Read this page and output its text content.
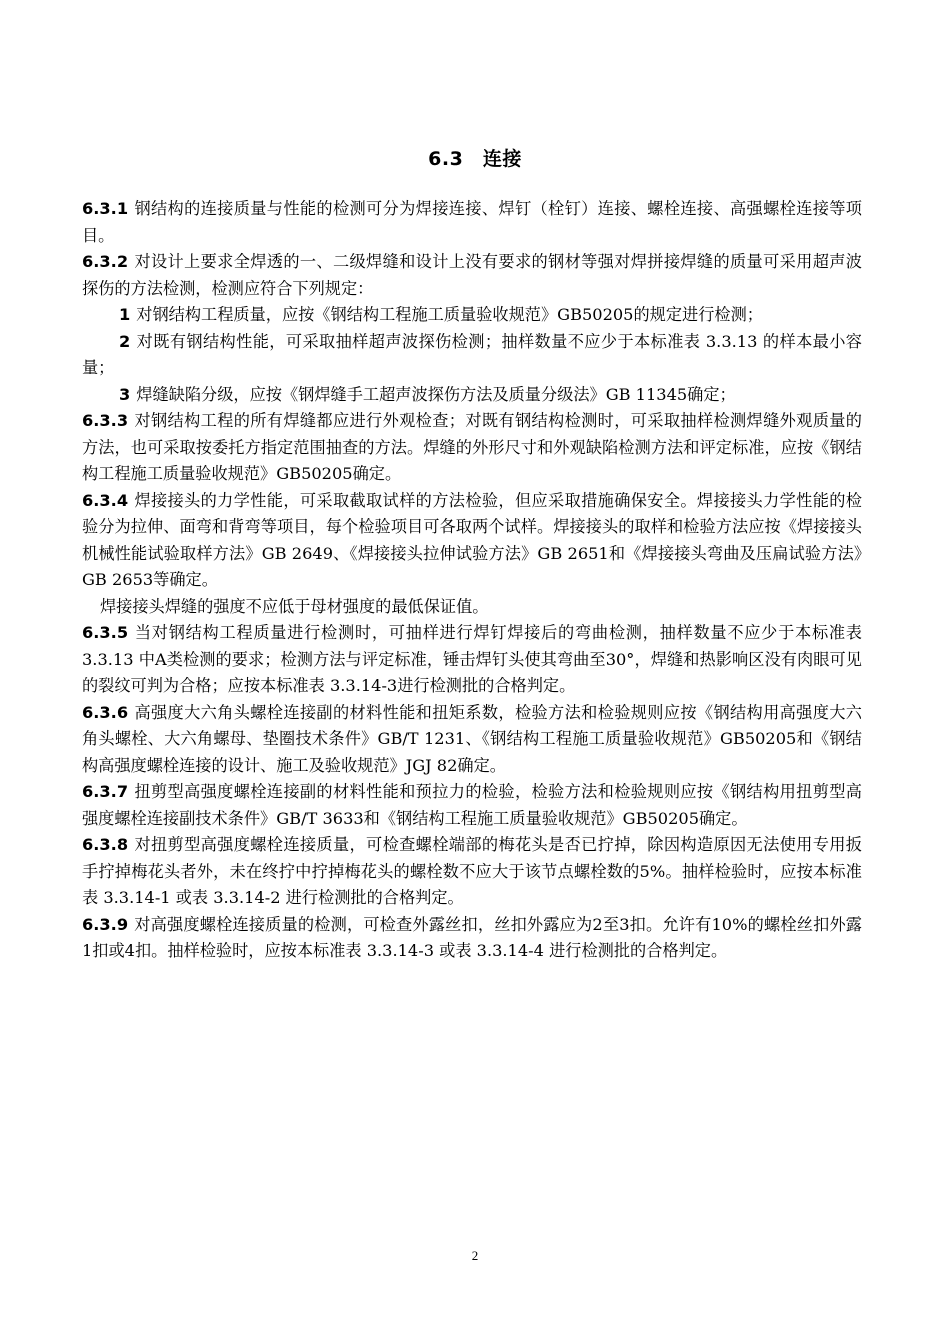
6.3　连接

6.3.1 钢结构的连接质量与性能的检测可分为焊接连接、焊钉（栓钉）连接、螺栓连接、高强螺栓连接等项目。

6.3.2 对设计上要求全焊透的一、二级焊缝和设计上没有要求的钢材等强对焊拼接焊缝的质量可采用超声波探伤的方法检测，检测应符合下列规定：

1 对钢结构工程质量，应按《钢结构工程施工质量验收规范》GB50205的规定进行检测；

2 对既有钢结构性能，可采取抽样超声波探伤检测；抽样数量不应少于本标准表 3.3.13 的样本最小容量；

3 焊缝缺陷分级，应按《钢焊缝手工超声波探伤方法及质量分级法》GB 11345确定；

6.3.3 对钢结构工程的所有焊缝都应进行外观检查；对既有钢结构检测时，可采取抽样检测焊缝外观质量的方法，也可采取按委托方指定范围抽查的方法。焊缝的外形尺寸和外观缺陷检测方法和评定标准，应按《钢结构工程施工质量验收规范》GB50205确定。

6.3.4 焊接接头的力学性能，可采取截取试样的方法检验，但应采取措施确保安全。焊接接头力学性能的检验分为拉伸、面弯和背弯等项目，每个检验项目可各取两个试样。焊接接头的取样和检验方法应按《焊接接头机械性能试验取样方法》GB 2649、《焊接接头拉伸试验方法》GB 2651和《焊接接头弯曲及压扁试验方法》GB 2653等确定。

焊接接头焊缝的强度不应低于母材强度的最低保证值。

6.3.5 当对钢结构工程质量进行检测时，可抽样进行焊钉焊接后的弯曲检测，抽样数量不应少于本标准表 3.3.13 中A类检测的要求；检测方法与评定标准，锤击焊钉头使其弯曲至30°，焊缝和热影响区没有肉眼可见的裂纹可判为合格；应按本标准表 3.3.14-3进行检测批的合格判定。

6.3.6 高强度大六角头螺栓连接副的材料性能和扭矩系数，检验方法和检验规则应按《钢结构用高强度大六角头螺栓、大六角螺母、垫圈技术条件》GB/T 1231、《钢结构工程施工质量验收规范》GB50205和《钢结构高强度螺栓连接的设计、施工及验收规范》JGJ 82确定。

6.3.7 扭剪型高强度螺栓连接副的材料性能和预拉力的检验，检验方法和检验规则应按《钢结构用扭剪型高强度螺栓连接副技术条件》GB/T 3633和《钢结构工程施工质量验收规范》GB50205确定。

6.3.8 对扭剪型高强度螺栓连接质量，可检查螺栓端部的梅花头是否已拧掉，除因构造原因无法使用专用扳手拧掉梅花头者外，未在终拧中拧掉梅花头的螺栓数不应大于该节点螺栓数的5%。抽样检验时，应按本标准表 3.3.14-1 或表 3.3.14-2 进行检测批的合格判定。

6.3.9 对高强度螺栓连接质量的检测，可检查外露丝扣，丝扣外露应为2至3扣。允许有10%的螺栓丝扣外露1扣或4扣。抽样检验时，应按本标准表 3.3.14-3 或表 3.3.14-4 进行检测批的合格判定。

2
